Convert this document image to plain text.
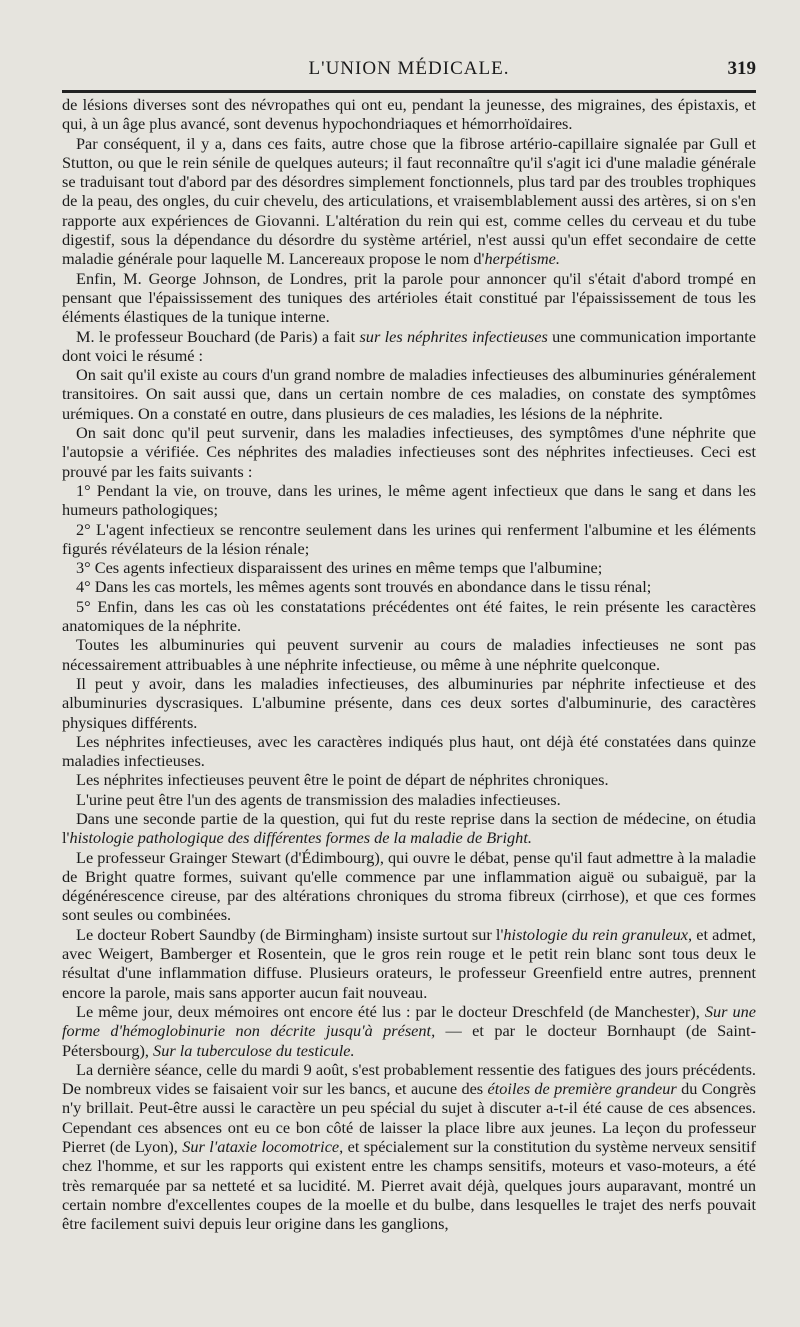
L'UNION MÉDICALE.	319

de lésions diverses sont des névropathes qui ont eu, pendant la jeunesse, des migraines, des épistaxis, et qui, à un âge plus avancé, sont devenus hypochondriaques et hémorrhoïdaires.

Par conséquent, il y a, dans ces faits, autre chose que la fibrose artério-capillaire signalée par Gull et Stutton, ou que le rein sénile de quelques auteurs; il faut reconnaître qu'il s'agit ici d'une maladie générale se traduisant tout d'abord par des désordres simplement fonctionnels, plus tard par des troubles trophiques de la peau, des ongles, du cuir chevelu, des articulations, et vraisemblablement aussi des artères, si on s'en rapporte aux expériences de Giovanni. L'altération du rein qui est, comme celles du cerveau et du tube digestif, sous la dépendance du désordre du système artériel, n'est aussi qu'un effet secondaire de cette maladie générale pour laquelle M. Lancereaux propose le nom d'herpétisme.

Enfin, M. George Johnson, de Londres, prit la parole pour annoncer qu'il s'était d'abord trompé en pensant que l'épaississement des tuniques des artérioles était constitué par l'épaississement de tous les éléments élastiques de la tunique interne.

M. le professeur Bouchard (de Paris) a fait sur les néphrites infectieuses une communication importante dont voici le résumé :

On sait qu'il existe au cours d'un grand nombre de maladies infectieuses des albuminuries généralement transitoires. On sait aussi que, dans un certain nombre de ces maladies, on constate des symptômes urémiques. On a constaté en outre, dans plusieurs de ces maladies, les lésions de la néphrite.

On sait donc qu'il peut survenir, dans les maladies infectieuses, des symptômes d'une néphrite que l'autopsie a vérifiée. Ces néphrites des maladies infectieuses sont des néphrites infectieuses. Ceci est prouvé par les faits suivants :

1° Pendant la vie, on trouve, dans les urines, le même agent infectieux que dans le sang et dans les humeurs pathologiques;

2° L'agent infectieux se rencontre seulement dans les urines qui renferment l'albumine et les éléments figurés révélateurs de la lésion rénale;

3° Ces agents infectieux disparaissent des urines en même temps que l'albumine;

4° Dans les cas mortels, les mêmes agents sont trouvés en abondance dans le tissu rénal;

5° Enfin, dans les cas où les constatations précédentes ont été faites, le rein présente les caractères anatomiques de la néphrite.

Toutes les albuminuries qui peuvent survenir au cours de maladies infectieuses ne sont pas nécessairement attribuables à une néphrite infectieuse, ou même à une néphrite quelconque.

Il peut y avoir, dans les maladies infectieuses, des albuminuries par néphrite infectieuse et des albuminuries dyscrasiques. L'albumine présente, dans ces deux sortes d'albuminurie, des caractères physiques différents.

Les néphrites infectieuses, avec les caractères indiqués plus haut, ont déjà été constatées dans quinze maladies infectieuses.

Les néphrites infectieuses peuvent être le point de départ de néphrites chroniques.

L'urine peut être l'un des agents de transmission des maladies infectieuses.

Dans une seconde partie de la question, qui fut du reste reprise dans la section de médecine, on étudia l'histologie pathologique des différentes formes de la maladie de Bright.

Le professeur Grainger Stewart (d'Édimbourg), qui ouvre le débat, pense qu'il faut admettre à la maladie de Bright quatre formes, suivant qu'elle commence par une inflammation aiguë ou subaiguë, par la dégénérescence cireuse, par des altérations chroniques du stroma fibreux (cirrhose), et que ces formes sont seules ou combinées.

Le docteur Robert Saundby (de Birmingham) insiste surtout sur l'histologie du rein granuleux, et admet, avec Weigert, Bamberger et Rosentein, que le gros rein rouge et le petit rein blanc sont tous deux le résultat d'une inflammation diffuse. Plusieurs orateurs, le professeur Greenfield entre autres, prennent encore la parole, mais sans apporter aucun fait nouveau.

Le même jour, deux mémoires ont encore été lus : par le docteur Dreschfeld (de Manchester), Sur une forme d'hémoglobinurie non décrite jusqu'à présent, — et par le docteur Bornhaupt (de Saint-Pétersbourg), Sur la tuberculose du testicule.

La dernière séance, celle du mardi 9 août, s'est probablement ressentie des fatigues des jours précédents. De nombreux vides se faisaient voir sur les bancs, et aucune des étoiles de première grandeur du Congrès n'y brillait. Peut-être aussi le caractère un peu spécial du sujet à discuter a-t-il été cause de ces absences. Cependant ces absences ont eu ce bon côté de laisser la place libre aux jeunes. La leçon du professeur Pierret (de Lyon), Sur l'ataxie locomotrice, et spécialement sur la constitution du système nerveux sensitif chez l'homme, et sur les rapports qui existent entre les champs sensitifs, moteurs et vaso-moteurs, a été très remarquée par sa netteté et sa lucidité. M. Pierret avait déjà, quelques jours auparavant, montré un certain nombre d'excellentes coupes de la moelle et du bulbe, dans lesquelles le trajet des nerfs pouvait être facilement suivi depuis leur origine dans les ganglions,
